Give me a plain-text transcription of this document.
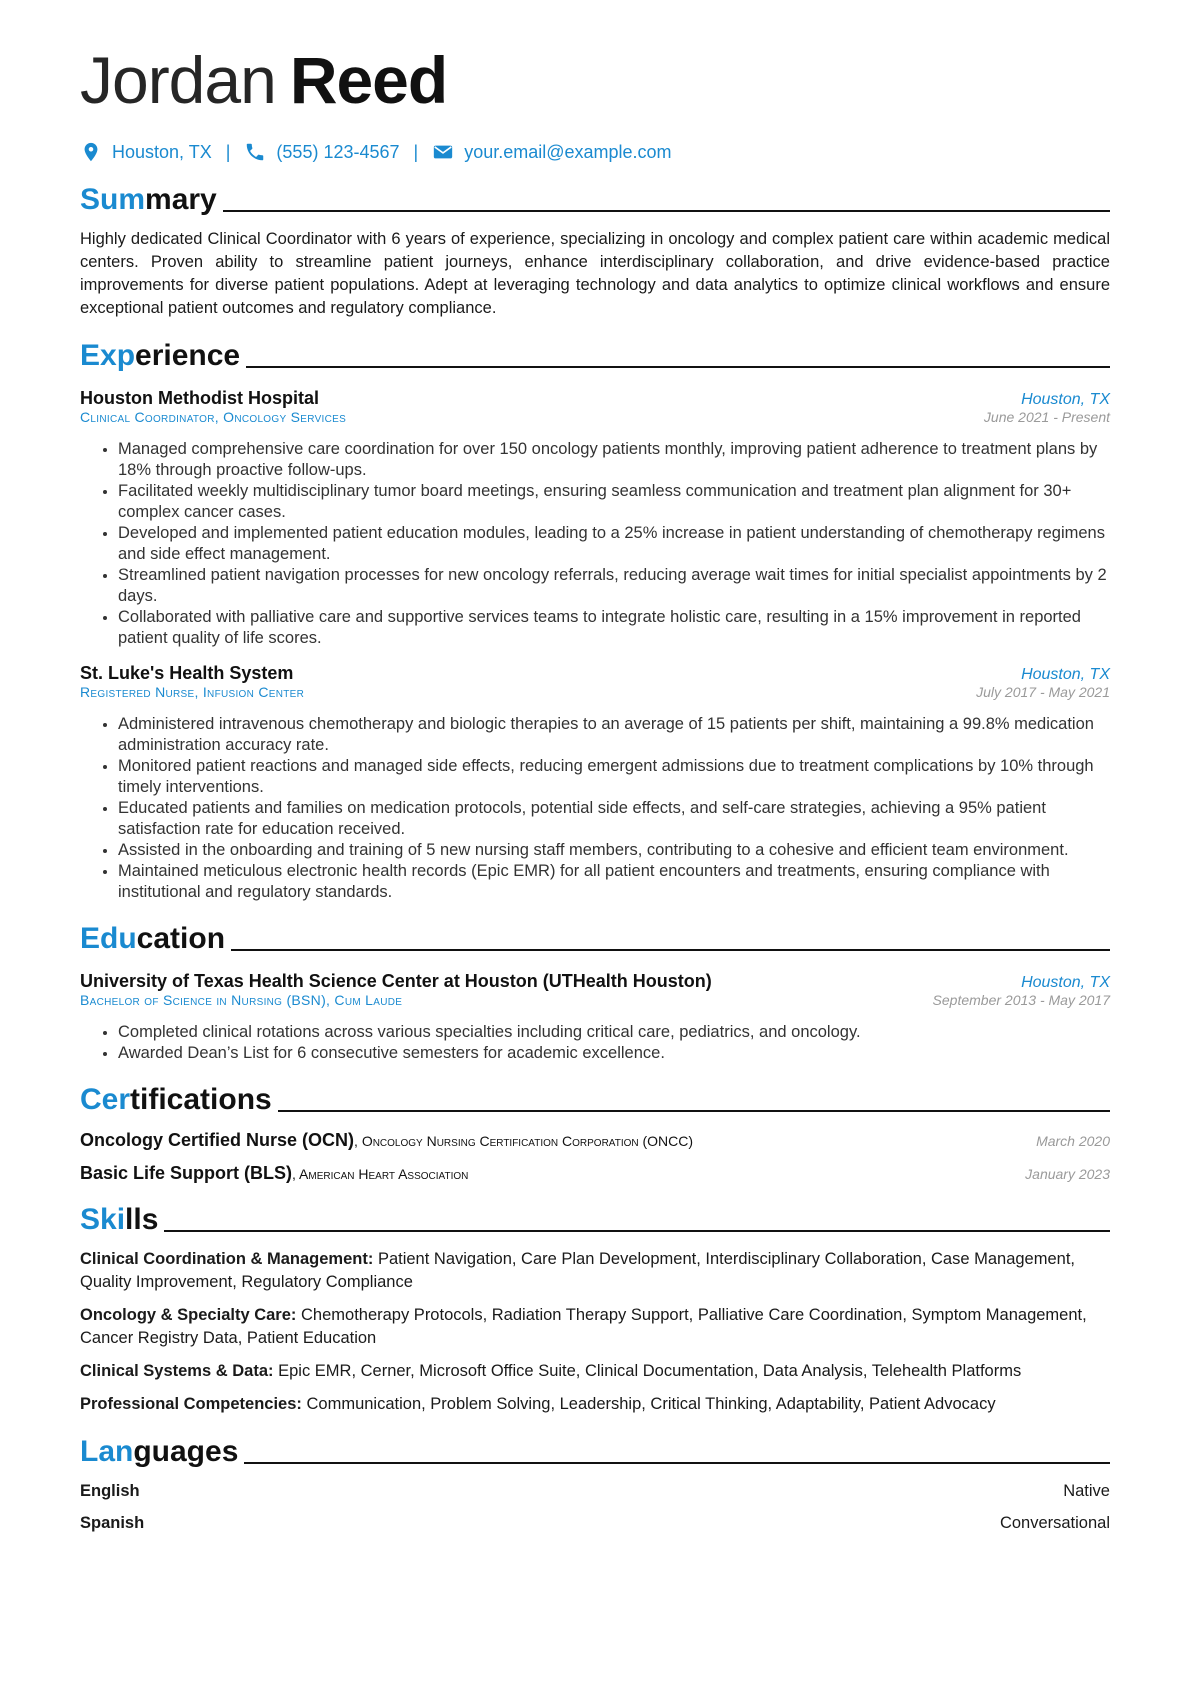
Jordan Reed
Houston, TX |	(555) 123-4567 |	your.email@example.com
Summary
Highly dedicated Clinical Coordinator with 6 years of experience, specializing in oncology and complex patient care within academic medical centers. Proven ability to streamline patient journeys, enhance interdisciplinary collaboration, and drive evidence-based practice improvements for diverse patient populations. Adept at leveraging technology and data analytics to optimize clinical workflows and ensure exceptional patient outcomes and regulatory compliance.
Experience
Houston Methodist Hospital	Houston, TX
Clinical Coordinator, Oncology Services	June 2021 - Present
• Managed comprehensive care coordination for over 150 oncology patients monthly, improving patient adherence to treatment plans by 18% through proactive follow-ups.
• Facilitated weekly multidisciplinary tumor board meetings, ensuring seamless communication and treatment plan alignment for 30+ complex cancer cases.
• Developed and implemented patient education modules, leading to a 25% increase in patient understanding of chemotherapy regimens and side effect management.
• Streamlined patient navigation processes for new oncology referrals, reducing average wait times for initial specialist appointments by 2 days.
• Collaborated with palliative care and supportive services teams to integrate holistic care, resulting in a 15% improvement in reported patient quality of life scores.
St. Luke's Health System	Houston, TX
Registered Nurse, Infusion Center	July 2017 - May 2021
• Administered intravenous chemotherapy and biologic therapies to an average of 15 patients per shift, maintaining a 99.8% medication administration accuracy rate.
• Monitored patient reactions and managed side effects, reducing emergent admissions due to treatment complications by 10% through timely interventions.
• Educated patients and families on medication protocols, potential side effects, and self-care strategies, achieving a 95% patient satisfaction rate for education received.
• Assisted in the onboarding and training of 5 new nursing staff members, contributing to a cohesive and efficient team environment.
• Maintained meticulous electronic health records (Epic EMR) for all patient encounters and treatments, ensuring compliance with institutional and regulatory standards.
Education
University of Texas Health Science Center at Houston (UTHealth Houston)	Houston, TX
Bachelor of Science in Nursing (BSN), Cum Laude	September 2013 - May 2017
• Completed clinical rotations across various specialties including critical care, pediatrics, and oncology.
• Awarded Dean’s List for 6 consecutive semesters for academic excellence.
Certifications
Oncology Certified Nurse (OCN), Oncology Nursing Certification Corporation (ONCC)	March 2020
Basic Life Support (BLS), American Heart Association	January 2023
Skills
Clinical Coordination & Management: Patient Navigation, Care Plan Development, Interdisciplinary Collaboration, Case Management, Quality Improvement, Regulatory Compliance
Oncology & Specialty Care: Chemotherapy Protocols, Radiation Therapy Support, Palliative Care Coordination, Symptom Management, Cancer Registry Data, Patient Education
Clinical Systems & Data: Epic EMR, Cerner, Microsoft Office Suite, Clinical Documentation, Data Analysis, Telehealth Platforms
Professional Competencies: Communication, Problem Solving, Leadership, Critical Thinking, Adaptability, Patient Advocacy
Languages
English	Native
Spanish	Conversational
